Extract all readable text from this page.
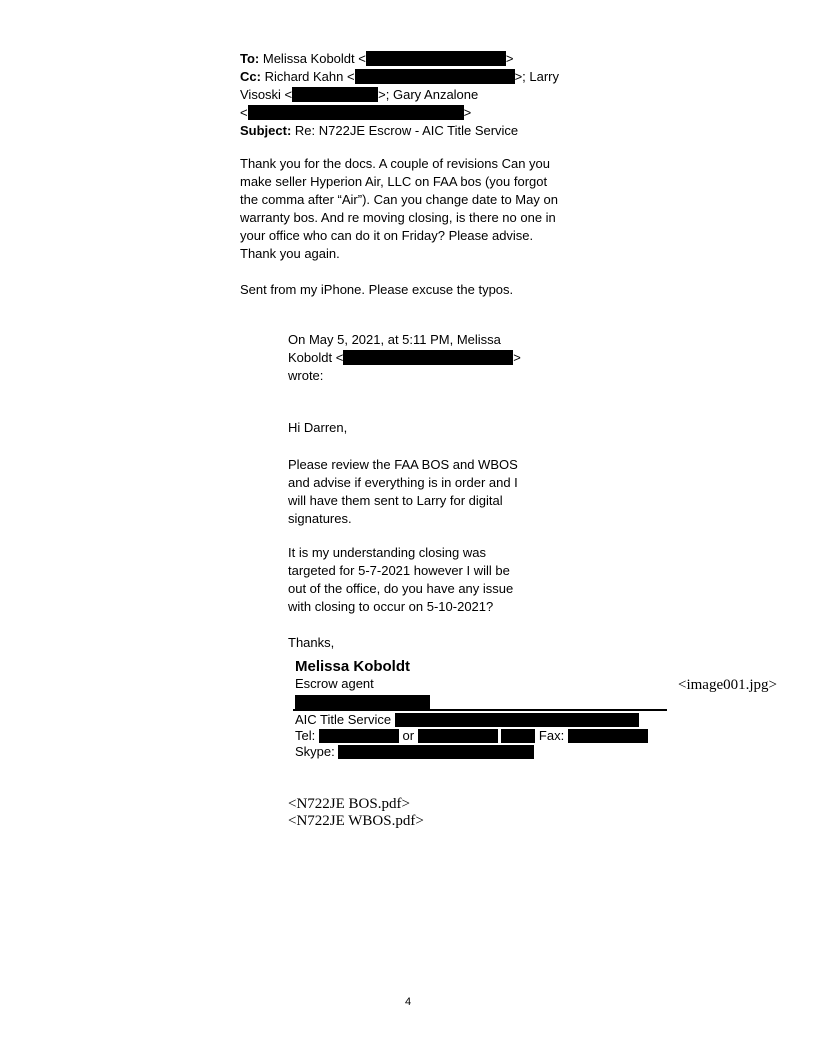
To: Melissa Koboldt <	>
Cc: Richard Kahn <	>; Larry
Visoski <	>; Gary Anzalone
<	>
Subject: Re: N722JE Escrow - AIC Title Service
Thank you for the docs. A couple of revisions Can you
make seller Hyperion Air, LLC on FAA bos (you forgot
the comma after “Air”). Can you change date to May on
warranty bos. And re moving closing, is there no one in
your office who can do it on Friday? Please advise.
Thank you again.
Sent from my iPhone. Please excuse the typos.
On May 5, 2021, at 5:11 PM, Melissa
Koboldt <	>
wrote:
Hi Darren,
Please review the FAA BOS and WBOS
and advise if everything is in order and I
will have them sent to Larry for digital
signatures.
It is my understanding closing was
targeted for 5-7-2021 however I will be
out of the office, do you have any issue
with closing to occur on 5-10-2021?
Thanks,
Melissa Koboldt
Escrow agent
AIC Title Service
Tel:	or	Fax:
Skype:
<image001.jpg>
<N722JE BOS.pdf>
<N722JE WBOS.pdf>
4
